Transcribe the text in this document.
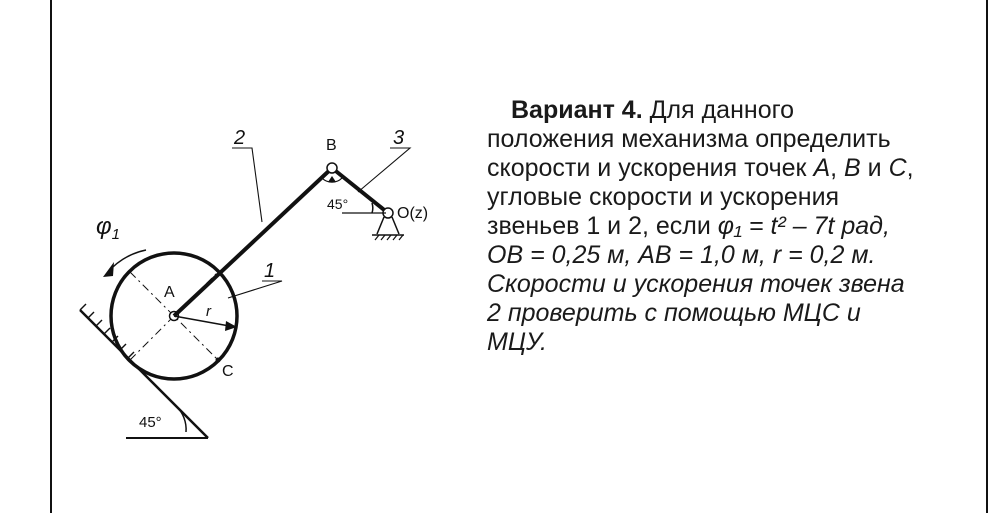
45°
45°
$\varphi_1$
A
B
C
O(z)
r
2	3
1
Вариант 4. Для данного
положения механизма определить
скорости и ускорения точек A, B и C,
угловые скорости и ускорения
звеньев 1 и 2, если φ₁ = t² – 7t рад,
OB = 0,25 м, AB = 1,0 м, r = 0,2 м.
Скорости и ускорения точек звена
2 проверить с помощью МЦС и
МЦУ.
